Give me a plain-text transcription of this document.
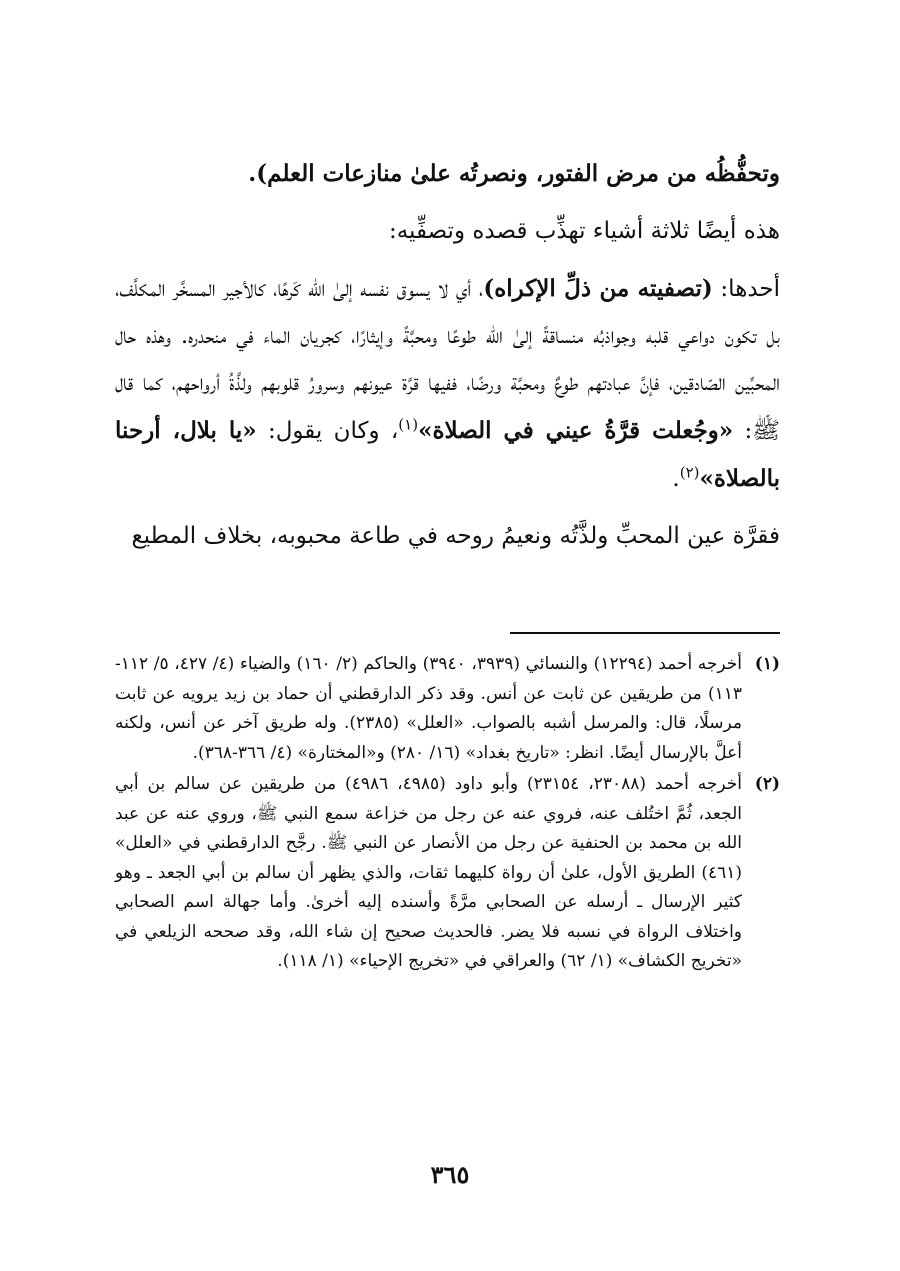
وتحفُّظُه من مرض الفتور، ونصرتُه علىٰ منازعات العلم).

هذه أيضًا ثلاثة أشياء تهذِّب قصده وتصفِّيه:

أحدها: (تصفيته من ذلِّ الإكراه)، أي لا يسوق نفسه إلىٰ الله كَرهًا، كالأجير المسخَّر المكلَّف، بل تكون دواعي قلبه وجواذبُه منساقةً إلىٰ الله طوعًا ومحبَّةً وإيثارًا، كجريان الماء في منحدره. وهذه حال المحبِّين الصّادقين، فإنَّ عبادتهم طوعٌ ومحبَّة ورضًا، ففيها قرَّة عيونهم وسرورُ قلوبهم ولذَّةُ أرواحهم، كما قال ﷺ: «وجُعلت قرَّةُ عيني في الصلاة»$^{(١)}$، وكان يقول: «يا بلال، أرحنا بالصلاة»$^{(٢)}$.

فقرَّة عين المحبِّ ولذَّتُه ونعيمُ روحه في طاعة محبوبه، بخلاف المطيع

(١)
أخرجه أحمد (١٢٢٩٤) والنسائي (٣٩٣٩، ٣٩٤٠) والحاكم (٢/ ١٦٠) والضياء (٤/ ٤٢٧، ٥/ ١١٢- ١١٣) من طريقين عن ثابت عن أنس. وقد ذكر الدارقطني أن حماد بن زيد يرويه عن ثابت مرسلًا، قال: والمرسل أشبه بالصواب. «العلل» (٢٣٨٥). وله طريق آخر عن أنس، ولكنه أعلَّ بالإرسال أيضًا. انظر: «تاريخ بغداد» (١٦/ ٢٨٠) و«المختارة» (٤/ ٣٦٦-٣٦٨).
(٢)
أخرجه أحمد (٢٣٠٨٨، ٢٣١٥٤) وأبو داود (٤٩٨٥، ٤٩٨٦) من طريقين عن سالم بن أبي الجعد، ثُمَّ اختُلف عنه، فروي عنه عن رجل من خزاعة سمع النبي ﷺ، وروي عنه عن عبد الله بن محمد بن الحنفية عن رجل من الأنصار عن النبي ﷺ. رجَّح الدارقطني في «العلل» (٤٦١) الطريق الأول، علىٰ أن رواة كليهما ثقات، والذي يظهر أن سالم بن أبي الجعد ـ وهو كثير الإرسال ـ أرسله عن الصحابي مرَّةً وأسنده إليه أخرىٰ. وأما جهالة اسم الصحابي واختلاف الرواة في نسبه فلا يضر. فالحديث صحيح إن شاء الله، وقد صححه الزيلعي في «تخريج الكشاف» (١/ ٦٢) والعراقي في «تخريج الإحياء» (١/ ١١٨).
٣٦٥
